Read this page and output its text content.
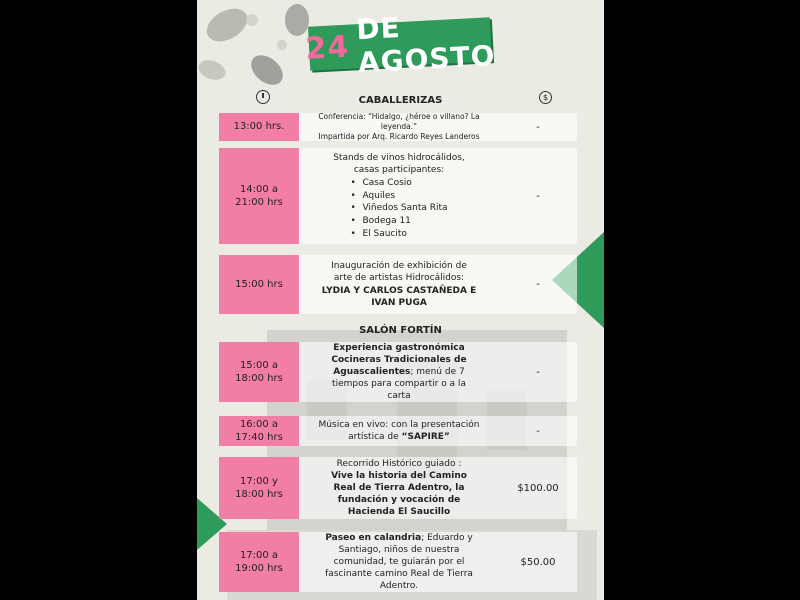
24
DE AGOSTO
$
CABALLERIZAS
13:00 hrs.
Conferencia: “Hidalgo, ¿héroe o villano? La leyenda.”
Impartida por Arq. Ricardo Reyes Landeros
-
14:00 a
21:00 hrs
Stands de vinos hidrocálidos, casas participantes:
• Casa Cosio
• Aquiles
• Viñedos Santa Rita
• Bodega 11
• El Saucito
-
15:00 hrs
Inauguración de exhibición de arte de artistas Hidrocálidos:
LYDIA Y CARLOS CASTAÑEDA E IVAN PUGA
-
SALÓN FORTÍN
15:00 a
18:00 hrs
Experiencia gastronómica Cocineras Tradicionales de Aguascalientes; menú de 7 tiempos para compartir o a la carta
-
16:00 a
17:40 hrs
Música en vivo: con la presentación artística de “SAPIRE”
-
17:00 y
18:00 hrs
Recorrido Histórico guiado :
Vive la historia del Camino Real de Tierra Adentro, la fundación y vocación de Hacienda El Saucillo
$100.00
17:00 a
19:00 hrs
Paseo en calandria; Eduardo y Santiago, niños de nuestra comunidad, te guiarán por el fascinante camino Real de Tierra Adentro.
$50.00
